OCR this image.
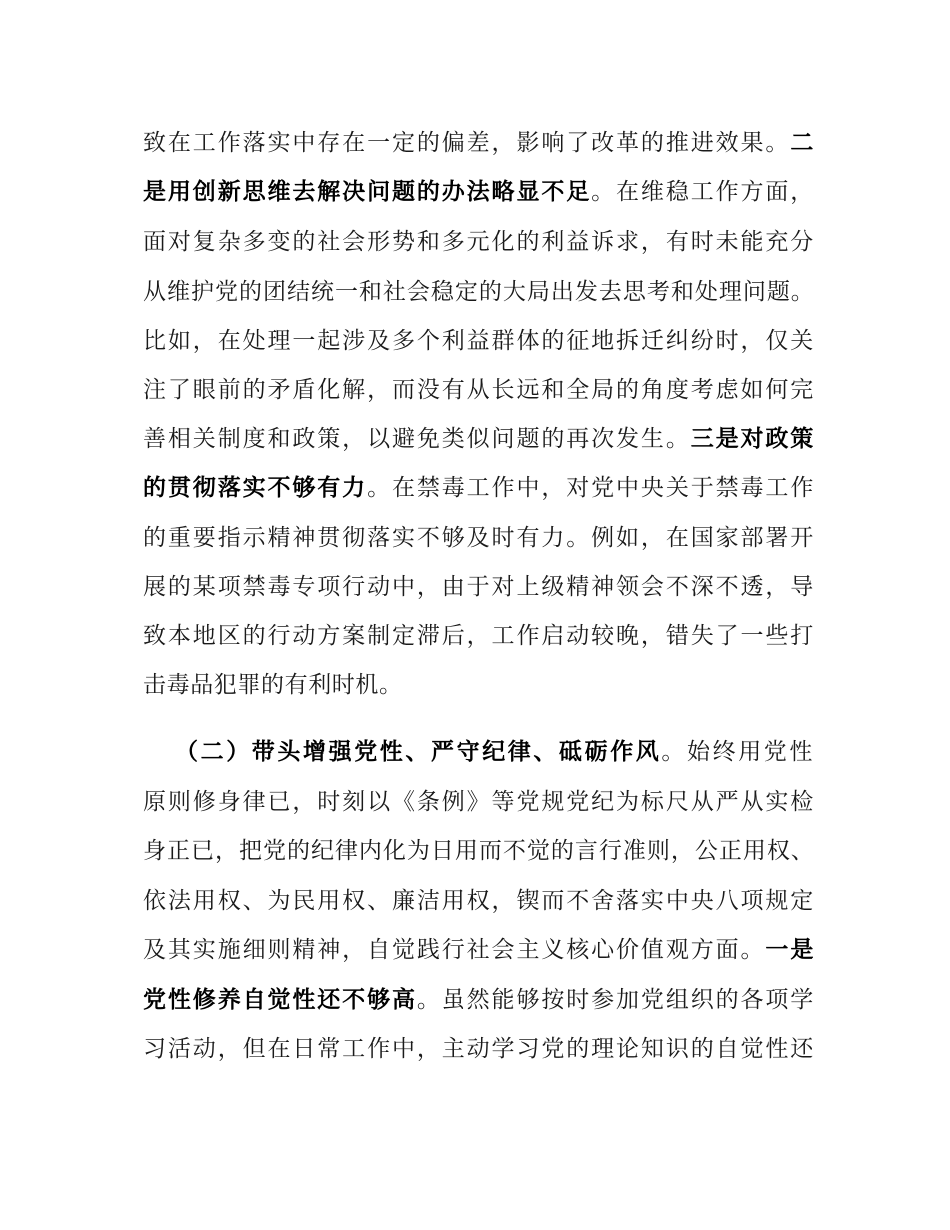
致在工作落实中存在一定的偏差，影响了改革的推进效果。二
是用创新思维去解决问题的办法略显不足。在维稳工作方面，
面对复杂多变的社会形势和多元化的利益诉求，有时未能充分
从维护党的团结统一和社会稳定的大局出发去思考和处理问题。
比如，在处理一起涉及多个利益群体的征地拆迁纠纷时，仅关
注了眼前的矛盾化解，而没有从长远和全局的角度考虑如何完
善相关制度和政策，以避免类似问题的再次发生。三是对政策
的贯彻落实不够有力。在禁毒工作中，对党中央关于禁毒工作
的重要指示精神贯彻落实不够及时有力。例如，在国家部署开
展的某项禁毒专项行动中，由于对上级精神领会不深不透，导
致本地区的行动方案制定滞后，工作启动较晚，错失了一些打
击毒品犯罪的有利时机。
（二）带头增强党性、严守纪律、砥砺作风。始终用党性
原则修身律已，时刻以《条例》等党规党纪为标尺从严从实检
身正已，把党的纪律内化为日用而不觉的言行准则，公正用权、
依法用权、为民用权、廉洁用权，锲而不舍落实中央八项规定
及其实施细则精神，自觉践行社会主义核心价值观方面。一是
党性修养自觉性还不够高。虽然能够按时参加党组织的各项学
习活动，但在日常工作中，主动学习党的理论知识的自觉性还
